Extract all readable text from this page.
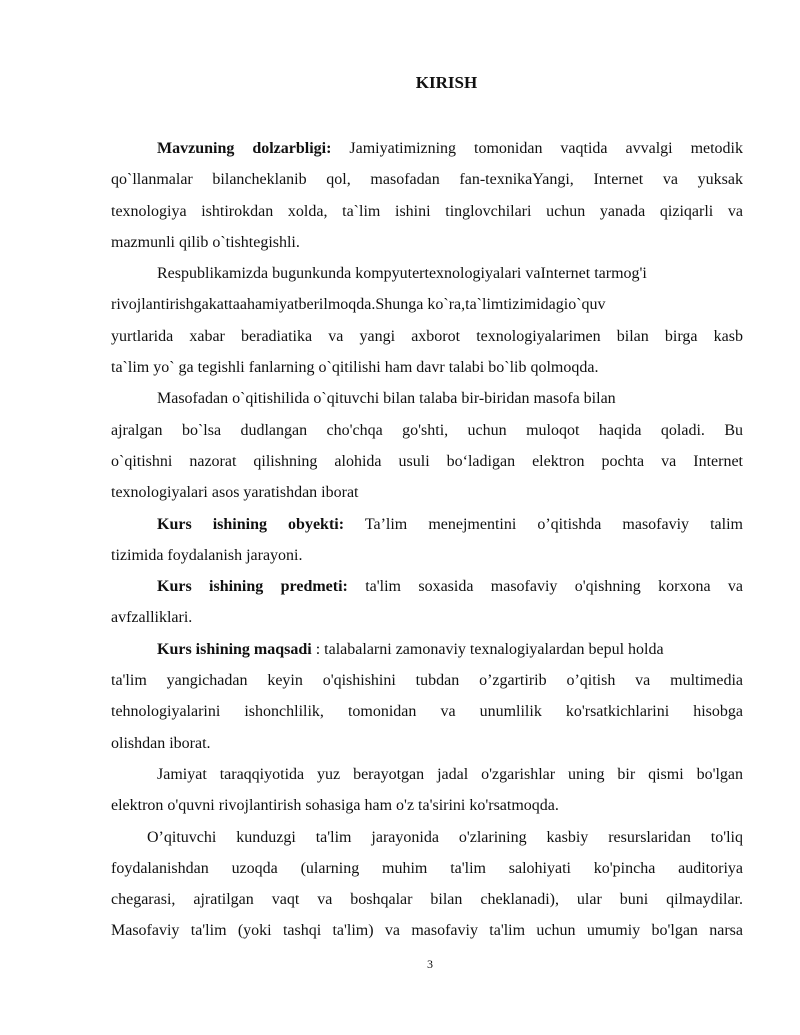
KIRISH
Mavzuning dolzarbligi: Jamiyatimizning tomonidan vaqtida avvalgi metodik
qo`llanmalar bilancheklanib qol, masofadan fan-texnikaYangi, Internet va yuksak
texnologiya ishtirokdan xolda, ta`lim ishini tinglovchilari uchun yanada qiziqarli va
mazmunli qilib o`tishtegishli.
Respublikamizda bugunkunda kompyutertexnologiyalari vaInternet tarmog'i
rivojlantirishgakattaahamiyatberilmoqda.Shunga ko`ra,ta`limtizimidagio`quv
yurtlarida xabar beradiatika va yangi axborot texnologiyalarimen bilan birga kasb
ta`lim yo` ga tegishli fanlarning o`qitilishi ham davr talabi bo`lib qolmoqda.
Masofadan o`qitishilida o`qituvchi bilan talaba bir-biridan masofa bilan
ajralgan bo`lsa dudlangan cho'chqa go'shti, uchun muloqot haqida qoladi. Bu
o`qitishni nazorat qilishning alohida usuli bo‘ladigan elektron pochta va Internet
texnologiyalari asos yaratishdan iborat
Kurs ishining obyekti: Ta’lim menejmentini o’qitishda masofaviy talim
tizimida foydalanish jarayoni.
Kurs ishining predmeti: ta'lim soxasida masofaviy o'qishning korxona va
avfzalliklari.
Kurs ishining maqsadi : talabalarni zamonaviy texnalogiyalardan bepul holda
ta'lim yangichadan keyin o'qishishini tubdan o’zgartirib o’qitish va multimedia
tehnologiyalarini ishonchlilik, tomonidan va unumlilik ko'rsatkichlarini hisobga
olishdan iborat.
Jamiyat taraqqiyotida yuz berayotgan jadal o'zgarishlar uning bir qismi bo'lgan
elektron o'quvni rivojlantirish sohasiga ham o'z ta'sirini ko'rsatmoqda.
O’qituvchi kunduzgi ta'lim jarayonida o'zlarining kasbiy resurslaridan to'liq
foydalanishdan uzoqda (ularning muhim ta'lim salohiyati ko'pincha auditoriya
chegarasi, ajratilgan vaqt va boshqalar bilan cheklanadi), ular buni qilmaydilar.
Masofaviy ta'lim (yoki tashqi ta'lim) va masofaviy ta'lim uchun umumiy bo'lgan narsa
3
